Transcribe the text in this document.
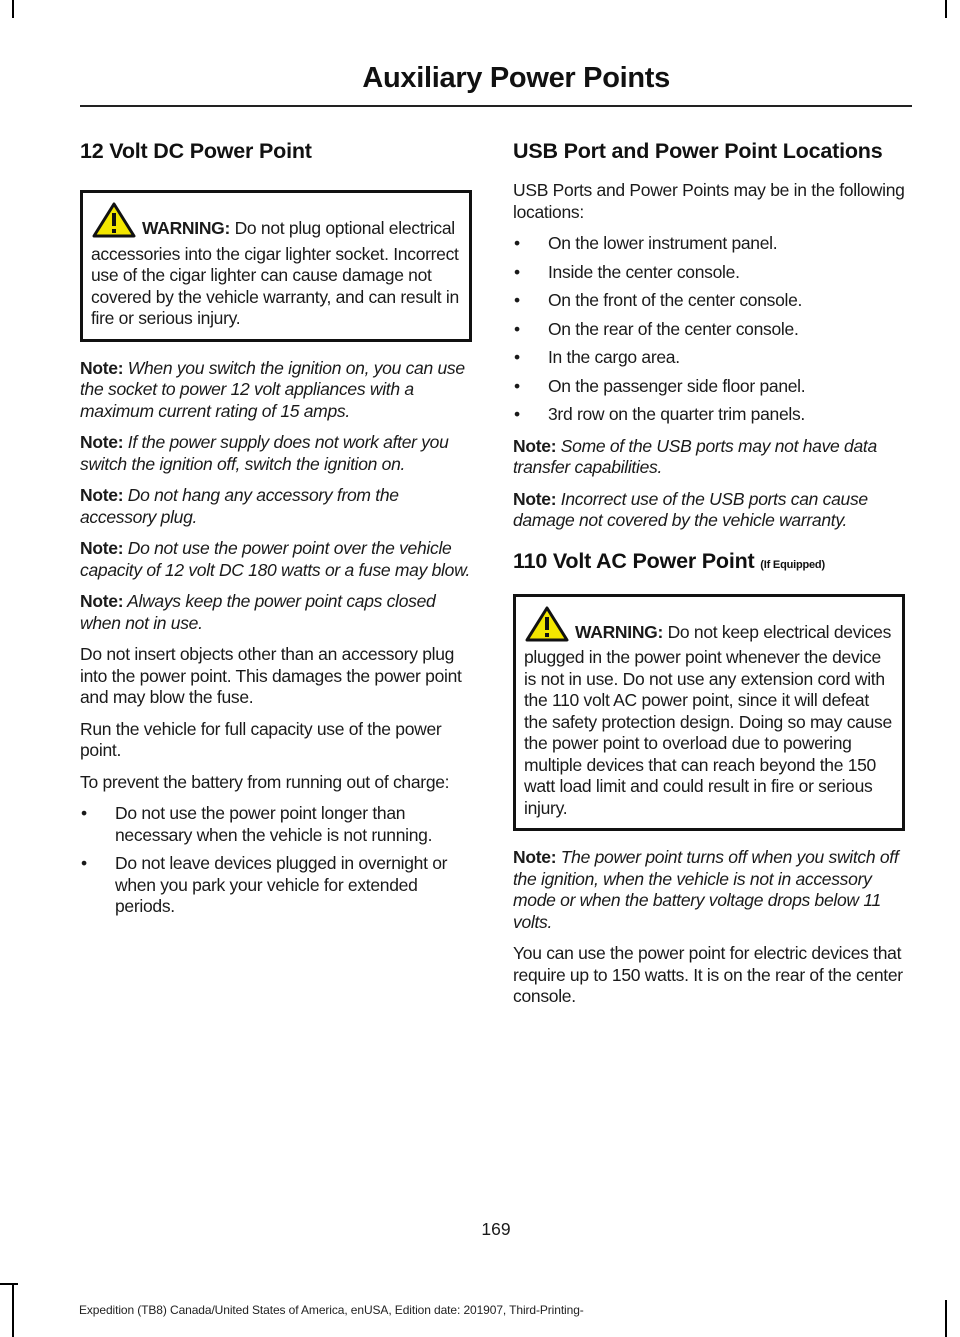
Auxiliary Power Points
12 Volt DC Power Point
WARNING: Do not plug optional electrical accessories into the cigar lighter socket. Incorrect use of the cigar lighter can cause damage not covered by the vehicle warranty, and can result in fire or serious injury.

Note: When you switch the ignition on, you can use the socket to power 12 volt appliances with a maximum current rating of 15 amps.

Note: If the power supply does not work after you switch the ignition off, switch the ignition on.

Note: Do not hang any accessory from the accessory plug.

Note: Do not use the power point over the vehicle capacity of 12 volt DC 180 watts or a fuse may blow.

Note: Always keep the power point caps closed when not in use.

Do not insert objects other than an accessory plug into the power point. This damages the power point and may blow the fuse.

Run the vehicle for full capacity use of the power point.

To prevent the battery from running out of charge:

• Do not use the power point longer than necessary when the vehicle is not running.
• Do not leave devices plugged in overnight or when you park your vehicle for extended periods.
USB Port and Power Point Locations

USB Ports and Power Points may be in the following locations:

• On the lower instrument panel.
• Inside the center console.
• On the front of the center console.
• On the rear of the center console.
• In the cargo area.
• On the passenger side floor panel.
• 3rd row on the quarter trim panels.

Note: Some of the USB ports may not have data transfer capabilities.

Note: Incorrect use of the USB ports can cause damage not covered by the vehicle warranty.

110 Volt AC Power Point (If Equipped)
WARNING: Do not keep electrical devices plugged in the power point whenever the device is not in use. Do not use any extension cord with the 110 volt AC power point, since it will defeat the safety protection design. Doing so may cause the power point to overload due to powering multiple devices that can reach beyond the 150 watt load limit and could result in fire or serious injury.

Note: The power point turns off when you switch off the ignition, when the vehicle is not in accessory mode or when the battery voltage drops below 11 volts.

You can use the power point for electric devices that require up to 150 watts. It is on the rear of the center console.

169
Expedition (TB8) Canada/United States of America, enUSA, Edition date: 201907, Third-Printing-
